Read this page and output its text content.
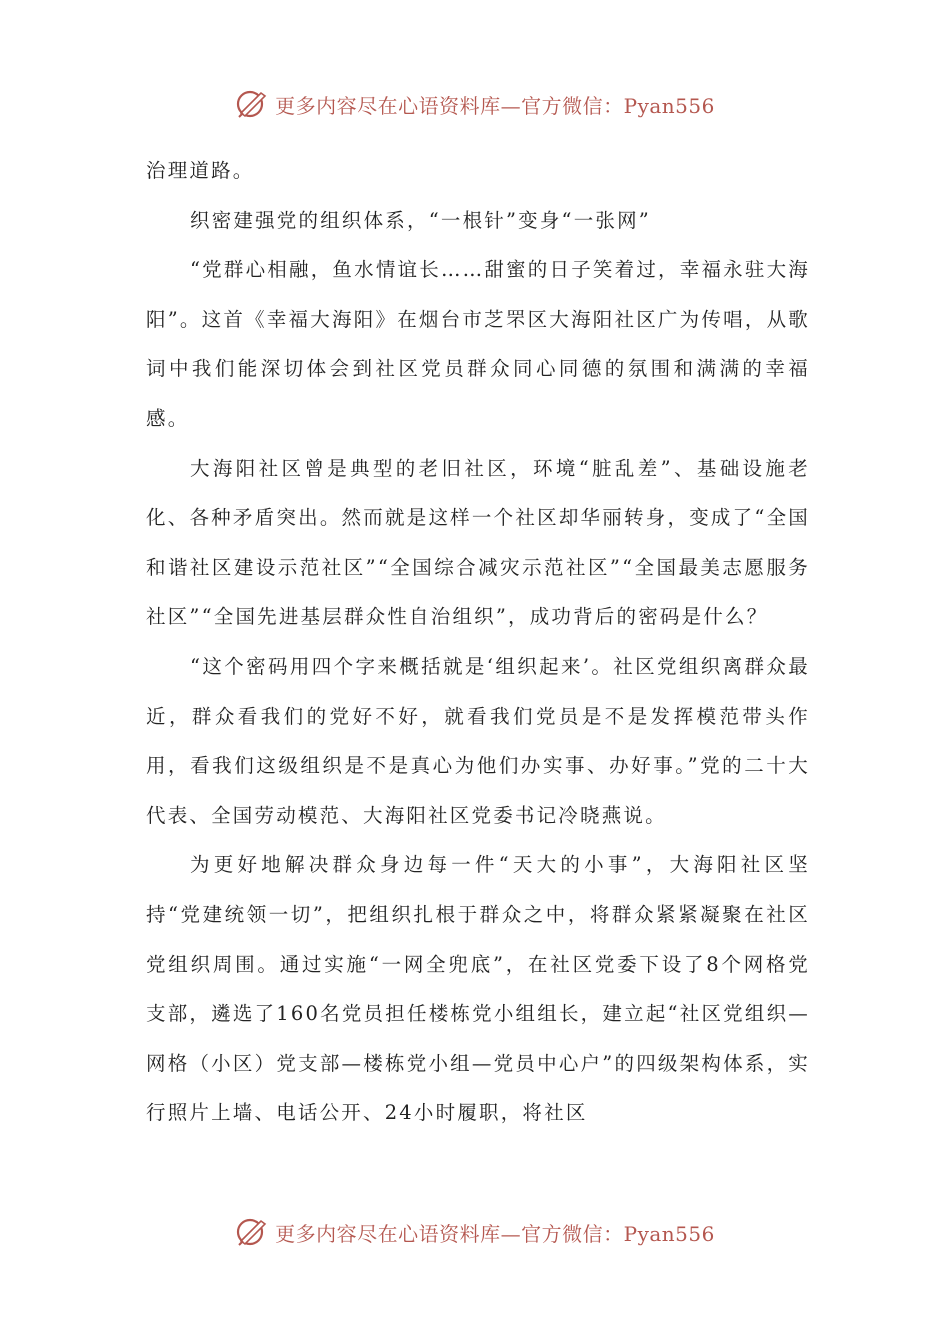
更多内容尽在心语资料库—官方微信：Pyan556

治理道路。

织密建强党的组织体系，“一根针”变身“一张网”

“党群心相融，鱼水情谊长……甜蜜的日子笑着过，幸福永驻大海阳”。这首《幸福大海阳》在烟台市芝罘区大海阳社区广为传唱，从歌词中我们能深切体会到社区党员群众同心同德的氛围和满满的幸福感。

大海阳社区曾是典型的老旧社区，环境“脏乱差”、基础设施老化、各种矛盾突出。然而就是这样一个社区却华丽转身，变成了“全国和谐社区建设示范社区”“全国综合减灾示范社区”“全国最美志愿服务社区”“全国先进基层群众性自治组织”，成功背后的密码是什么？

“这个密码用四个字来概括就是‘组织起来’。社区党组织离群众最近，群众看我们的党好不好，就看我们党员是不是发挥模范带头作用，看我们这级组织是不是真心为他们办实事、办好事。”党的二十大代表、全国劳动模范、大海阳社区党委书记冷晓燕说。

为更好地解决群众身边每一件“天大的小事”，大海阳社区坚持“党建统领一切”，把组织扎根于群众之中，将群众紧紧凝聚在社区党组织周围。通过实施“一网全兜底”，在社区党委下设了8个网格党支部，遴选了160名党员担任楼栋党小组组长，建立起“社区党组织—网格（小区）党支部—楼栋党小组—党员中心户”的四级架构体系，实行照片上墙、电话公开、24小时履职，将社区

更多内容尽在心语资料库—官方微信：Pyan556
